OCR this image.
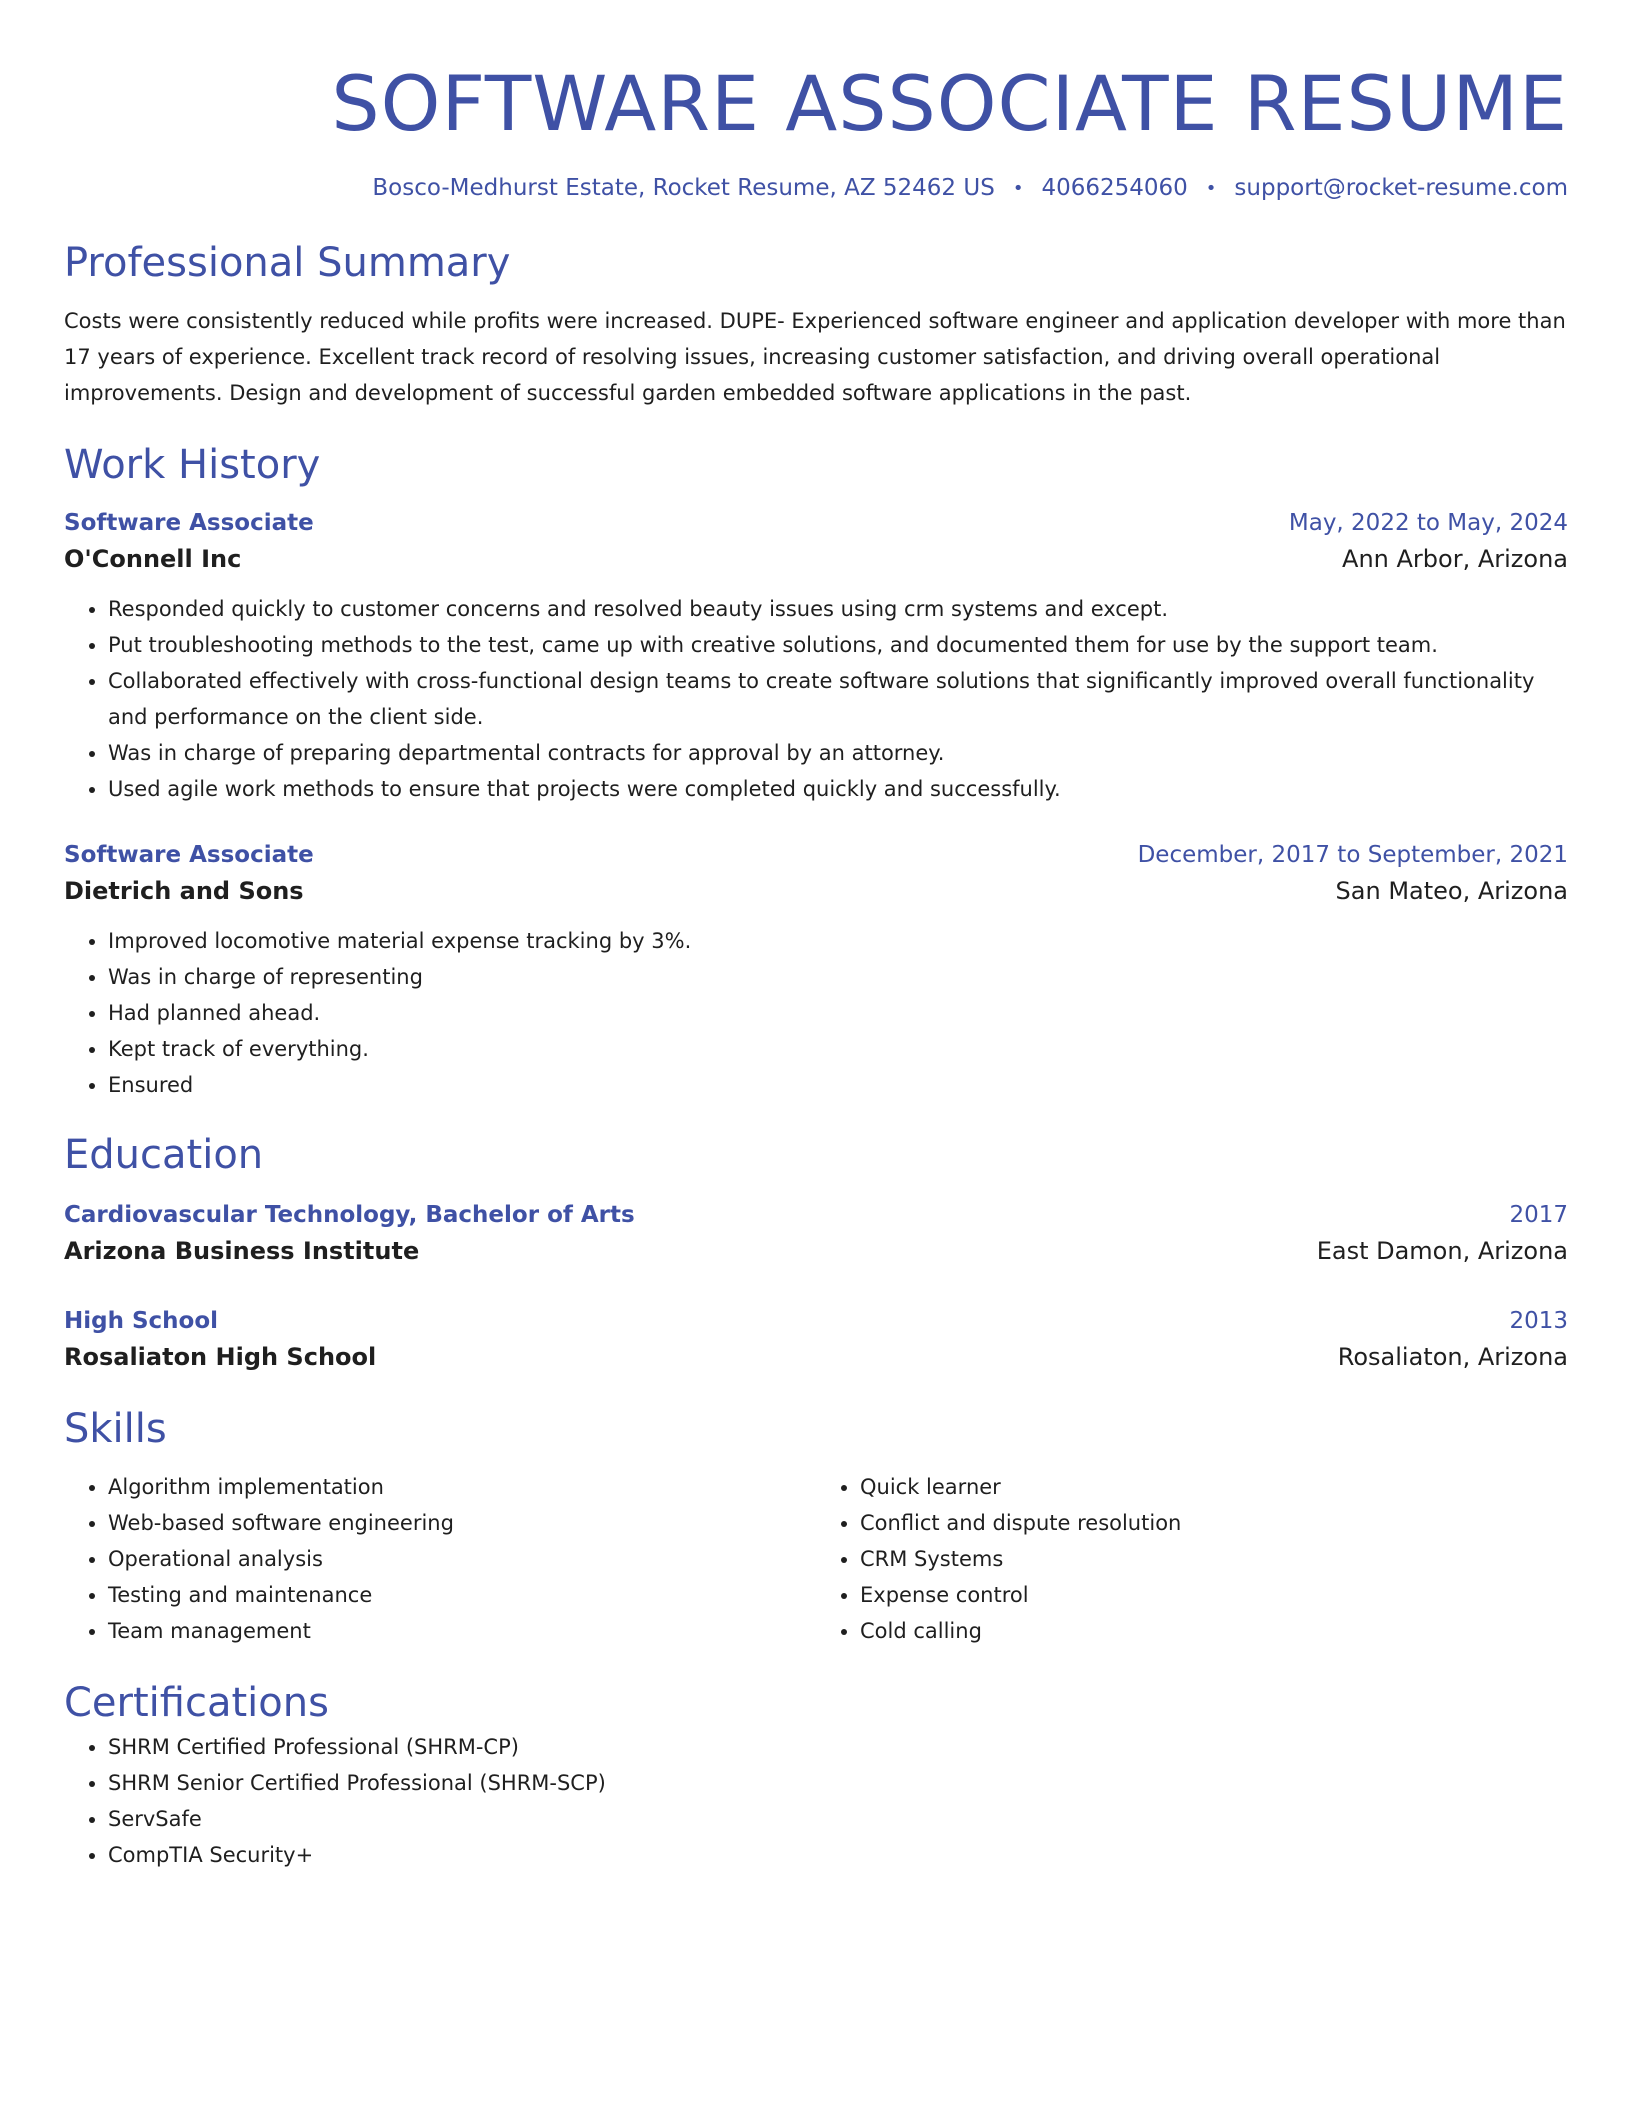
SOFTWARE ASSOCIATE RESUME
Bosco-Medhurst Estate, Rocket Resume, AZ 52462 US • 4066254060 • support@rocket-resume.com
Professional Summary
Costs were consistently reduced while profits were increased. DUPE- Experienced software engineer and application developer with more than 17 years of experience. Excellent track record of resolving issues, increasing customer satisfaction, and driving overall operational improvements. Design and development of successful garden embedded software applications in the past.
Work History
Software Associate	May, 2022 to May, 2024
O'Connell Inc	Ann Arbor, Arizona
• Responded quickly to customer concerns and resolved beauty issues using crm systems and except.
• Put troubleshooting methods to the test, came up with creative solutions, and documented them for use by the support team.
• Collaborated effectively with cross-functional design teams to create software solutions that significantly improved overall functionality and performance on the client side.
• Was in charge of preparing departmental contracts for approval by an attorney.
• Used agile work methods to ensure that projects were completed quickly and successfully.
Software Associate	December, 2017 to September, 2021
Dietrich and Sons	San Mateo, Arizona
• Improved locomotive material expense tracking by 3%.
• Was in charge of representing
• Had planned ahead.
• Kept track of everything.
• Ensured
Education
Cardiovascular Technology, Bachelor of Arts	2017
Arizona Business Institute	East Damon, Arizona
High School	2013
Rosaliaton High School	Rosaliaton, Arizona
Skills
• Algorithm implementation
• Web-based software engineering
• Operational analysis
• Testing and maintenance
• Team management
• Quick learner
• Conflict and dispute resolution
• CRM Systems
• Expense control
• Cold calling
Certifications
• SHRM Certified Professional (SHRM-CP)
• SHRM Senior Certified Professional (SHRM-SCP)
• ServSafe
• CompTIA Security+
